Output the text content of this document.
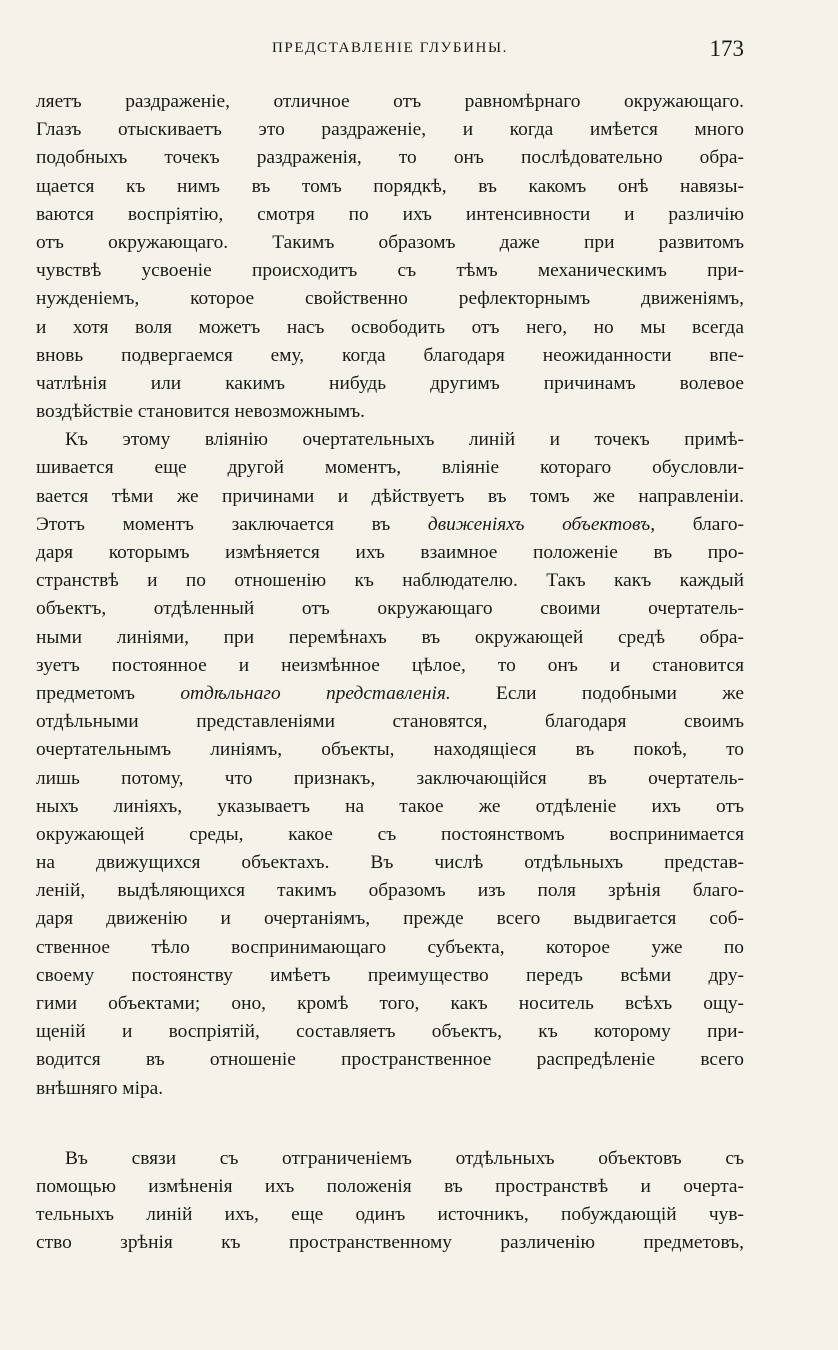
ПРЕДСТАВЛЕНІЕ ГЛУБИНЫ.	173
ляетъ раздраженіе, отличное отъ равномѣрнаго окружающаго.
Глазъ отыскиваетъ это раздраженіе, и когда имѣется много
подобныхъ точекъ раздраженія, то онъ послѣдовательно обра-
щается къ нимъ въ томъ порядкѣ, въ какомъ онѣ навязы-
ваются воспріятію, смотря по ихъ интенсивности и различію
отъ окружающаго. Такимъ образомъ даже при развитомъ
чувствѣ усвоеніе происходитъ съ тѣмъ механическимъ при-
нужденіемъ, которое свойственно рефлекторнымъ движеніямъ,
и хотя воля можетъ насъ освободить отъ него, но мы всегда
вновь подвергаемся ему, когда благодаря неожиданности впе-
чатлѣнія или какимъ нибудь другимъ причинамъ волевое
воздѣйствіе становится невозможнымъ.
Къ этому вліянію очертательныхъ линій и точекъ примѣ-
шивается еще другой моментъ, вліяніе котораго обусловли-
вается тѣми же причинами и дѣйствуетъ въ томъ же направленіи.
Этотъ моментъ заключается въ движеніяхъ объектовъ, благо-
даря которымъ измѣняется ихъ взаимное положеніе въ про-
странствѣ и по отношенію къ наблюдателю. Такъ какъ каждый
объектъ, отдѣленный отъ окружающаго своими очертатель-
ными линіями, при перемѣнахъ въ окружающей средѣ обра-
зуетъ постоянное и неизмѣнное цѣлое, то онъ и становится
предметомъ отдѣльнаго представленія. Если подобными же
отдѣльными представленіями становятся, благодаря своимъ
очертательнымъ линіямъ, объекты, находящіеся въ покоѣ, то
лишь потому, что признакъ, заключающійся въ очертатель-
ныхъ линіяхъ, указываетъ на такое же отдѣленіе ихъ отъ
окружающей среды, какое съ постоянствомъ воспринимается
на движущихся объектахъ. Въ числѣ отдѣльныхъ представ-
леній, выдѣляющихся такимъ образомъ изъ поля зрѣнія благо-
даря движенію и очертаніямъ, прежде всего выдвигается соб-
ственное тѣло воспринимающаго субъекта, которое уже по
своему постоянству имѣетъ преимущество передъ всѣми дру-
гими объектами; оно, кромѣ того, какъ носитель всѣхъ ощу-
щеній и воспріятій, составляетъ объектъ, къ которому при-
водится въ отношеніе пространственное распредѣленіе всего
внѣшняго міра.
Въ связи съ отграниченіемъ отдѣльныхъ объектовъ съ
помощью измѣненія ихъ положенія въ пространствѣ и очерта-
тельныхъ линій ихъ, еще одинъ источникъ, побуждающій чув-
ство зрѣнія къ пространственному различенію предметовъ,
